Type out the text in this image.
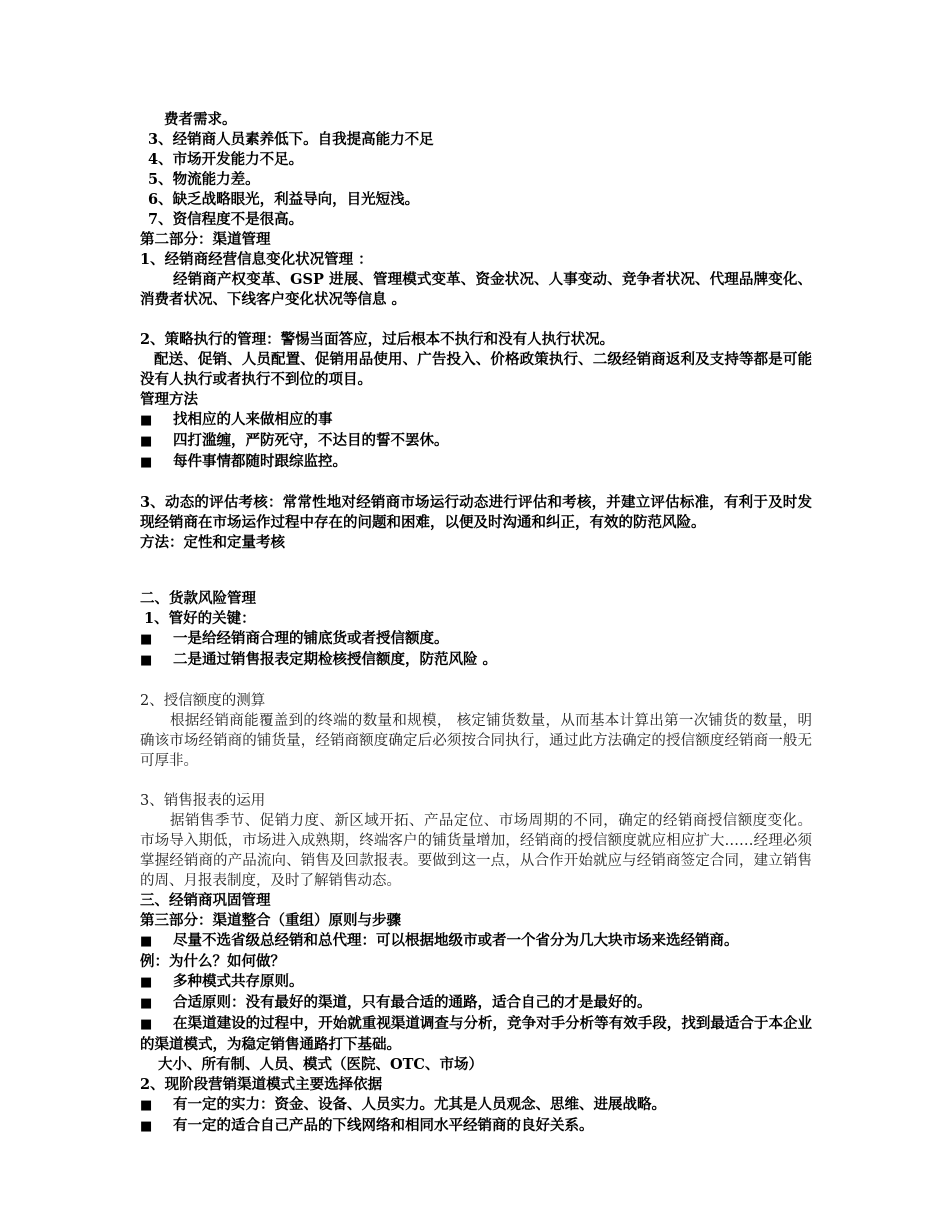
费者需求。
3、经销商人员素养低下。自我提高能力不足
4、市场开发能力不足。
5、物流能力差。
6、缺乏战略眼光，利益导向，目光短浅。
7、资信程度不是很高。
第二部分：渠道管理
1、经销商经营信息变化状况管理 ：
经销商产权变革、GSP 进展、管理模式变革、资金状况、人事变动、竞争者状况、代理品牌变化、消费者状况、下线客户变化状况等信息 。
2、策略执行的管理：警惕当面答应，过后根本不执行和没有人执行状况。
配送、促销、人员配置、促销用品使用、广告投入、价格政策执行、二级经销商返利及支持等都是可能没有人执行或者执行不到位的项目。
管理方法
■	找相应的人来做相应的事
■	四打滥缠，严防死守，不达目的誓不罢休。
■	每件事情都随时跟综监控。
3、动态的评估考核：常常性地对经销商市场运行动态进行评估和考核，并建立评估标准，有利于及时发现经销商在市场运作过程中存在的问题和困难，以便及时沟通和纠正，有效的防范风险。
方法：定性和定量考核
二、货款风险管理
1、管好的关键：
■	一是给经销商合理的铺底货或者授信额度。
■	二是通过销售报表定期检核授信额度，防范风险 。
2、授信额度的测算
根据经销商能覆盖到的终端的数量和规模， 核定铺货数量，从而基本计算出第一次铺货的数量，明确该市场经销商的铺货量，经销商额度确定后必须按合同执行，通过此方法确定的授信额度经销商一般无可厚非。
3、销售报表的运用
据销售季节、促销力度、新区域开拓、产品定位、市场周期的不同，确定的经销商授信额度变化。 市场导入期低，市场进入成熟期，终端客户的铺货量增加，经销商的授信额度就应相应扩大……经理必须掌握经销商的产品流向、销售及回款报表。要做到这一点，从合作开始就应与经销商签定合同，建立销售的周、月报表制度，及时了解销售动态。
三、经销商巩固管理
第三部分：渠道整合（重组）原则与步骤
■	尽量不选省级总经销和总代理：可以根据地级市或者一个省分为几大块市场来选经销商。
例：为什么？如何做？
■	多种模式共存原则。
■	合适原则：没有最好的渠道，只有最合适的通路，适合自己的才是最好的。
■ 在渠道建设的过程中，开始就重视渠道调查与分析，竞争对手分析等有效手段，找到最适合于本企业的渠道模式，为稳定销售通路打下基础。
大小、所有制、人员、模式（医院、OTC、市场）
2、现阶段营销渠道模式主要选择依据
■	有一定的实力：资金、设备、人员实力。尤其是人员观念、思维、进展战略。
■	有一定的适合自己产品的下线网络和相同水平经销商的良好关系。
